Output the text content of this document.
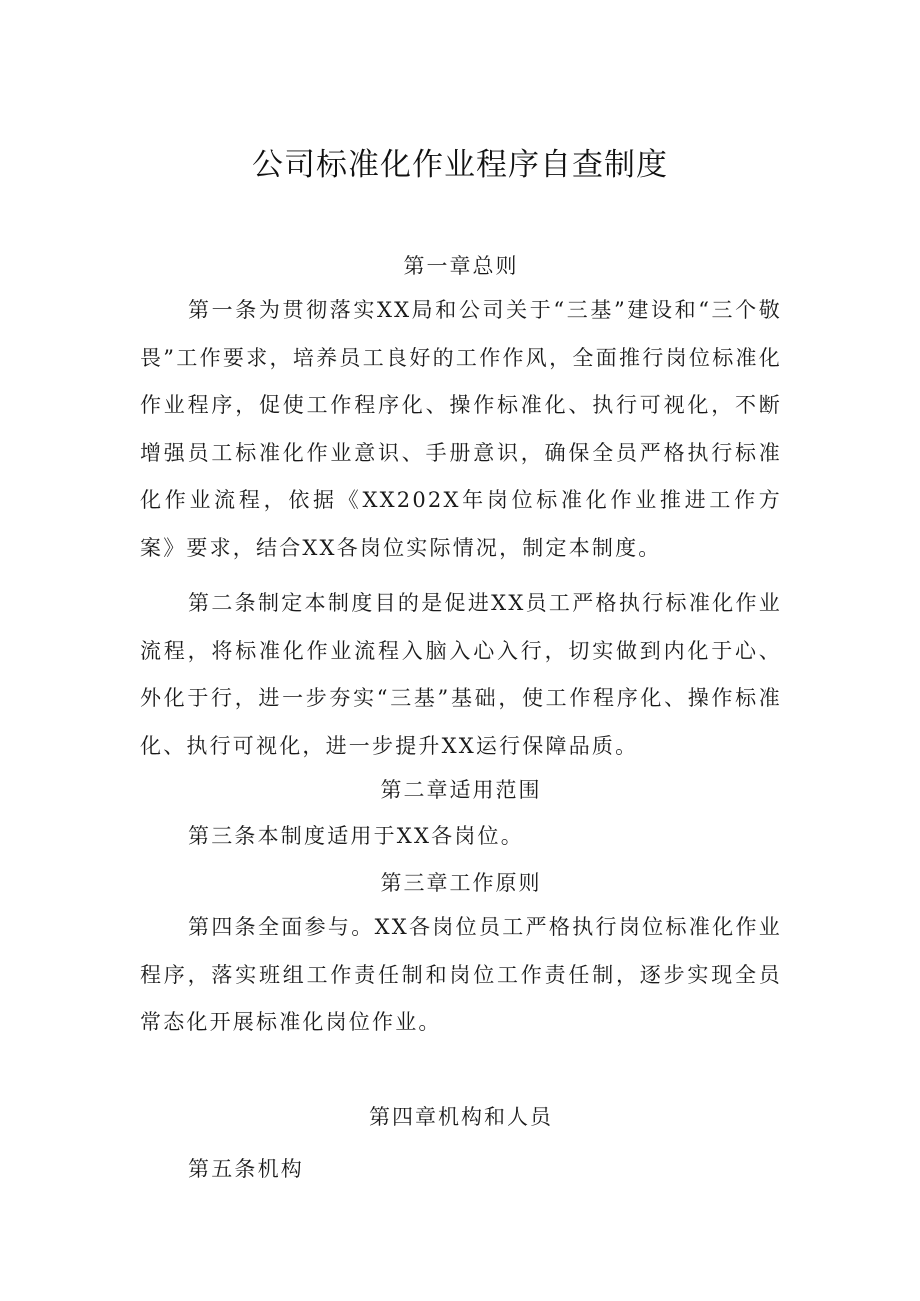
公司标准化作业程序自查制度
第一章总则

第一条为贯彻落实XX局和公司关于“三基”建设和“三个敬畏”工作要求，培养员工良好的工作作风，全面推行岗位标准化作业程序，促使工作程序化、操作标准化、执行可视化，不断增强员工标准化作业意识、手册意识，确保全员严格执行标准化作业流程，依据《XX202X年岗位标准化作业推进工作方案》要求，结合XX各岗位实际情况，制定本制度。

第二条制定本制度目的是促进XX员工严格执行标准化作业流程，将标准化作业流程入脑入心入行，切实做到内化于心、外化于行，进一步夯实“三基”基础，使工作程序化、操作标准化、执行可视化，进一步提升XX运行保障品质。

第二章适用范围

第三条本制度适用于XX各岗位。

第三章工作原则

第四条全面参与。XX各岗位员工严格执行岗位标准化作业程序，落实班组工作责任制和岗位工作责任制，逐步实现全员常态化开展标准化岗位作业。

第四章机构和人员

第五条机构
